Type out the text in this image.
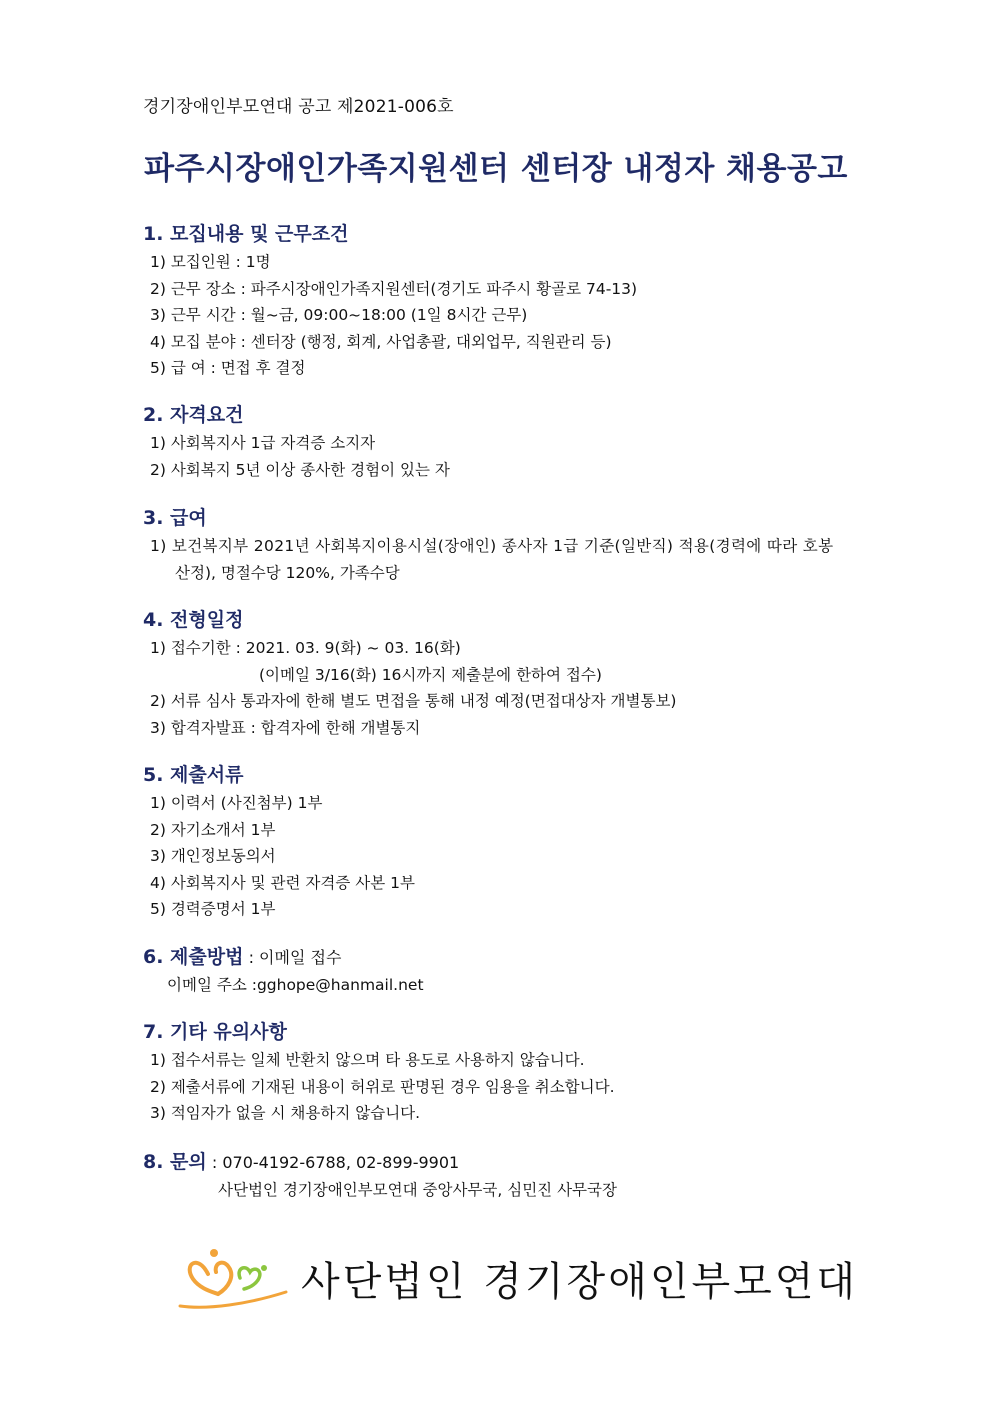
경기장애인부모연대 공고 제2021-006호
파주시장애인가족지원센터 센터장 내정자 채용공고
1. 모집내용 및 근무조건
1) 모집인원 : 1명
2) 근무 장소 : 파주시장애인가족지원센터(경기도 파주시 황골로 74-13)
3) 근무 시간 : 월~금, 09:00~18:00 (1일 8시간 근무)
4) 모집 분야 : 센터장 (행정, 회계, 사업총괄, 대외업무, 직원관리 등)
5) 급 여 : 면접 후 결정
2. 자격요건
1) 사회복지사 1급 자격증 소지자
2) 사회복지 5년 이상 종사한 경험이 있는 자
3. 급여
1) 보건복지부 2021년 사회복지이용시설(장애인) 종사자 1급 기준(일반직) 적용(경력에 따라 호봉
산정), 명절수당 120%, 가족수당
4. 전형일정
1) 접수기한 : 2021. 03. 9(화) ~ 03. 16(화)
(이메일 3/16(화) 16시까지 제출분에 한하여 접수)
2) 서류 심사 통과자에 한해 별도 면접을 통해 내정 예정(면접대상자 개별통보)
3) 합격자발표 : 합격자에 한해 개별통지
5. 제출서류
1) 이력서 (사진첨부) 1부
2) 자기소개서 1부
3) 개인정보동의서
4) 사회복지사 및 관련 자격증 사본 1부
5) 경력증명서 1부
6. 제출방법 : 이메일 접수
이메일 주소 :gghope@hanmail.net
7. 기타 유의사항
1) 접수서류는 일체 반환치 않으며 타 용도로 사용하지 않습니다.
2) 제출서류에 기재된 내용이 허위로 판명된 경우 임용을 취소합니다.
3) 적임자가 없을 시 채용하지 않습니다.
8. 문의 : 070-4192-6788, 02-899-9901
사단법인 경기장애인부모연대 중앙사무국, 심민진 사무국장
사단법인 경기장애인부모연대
